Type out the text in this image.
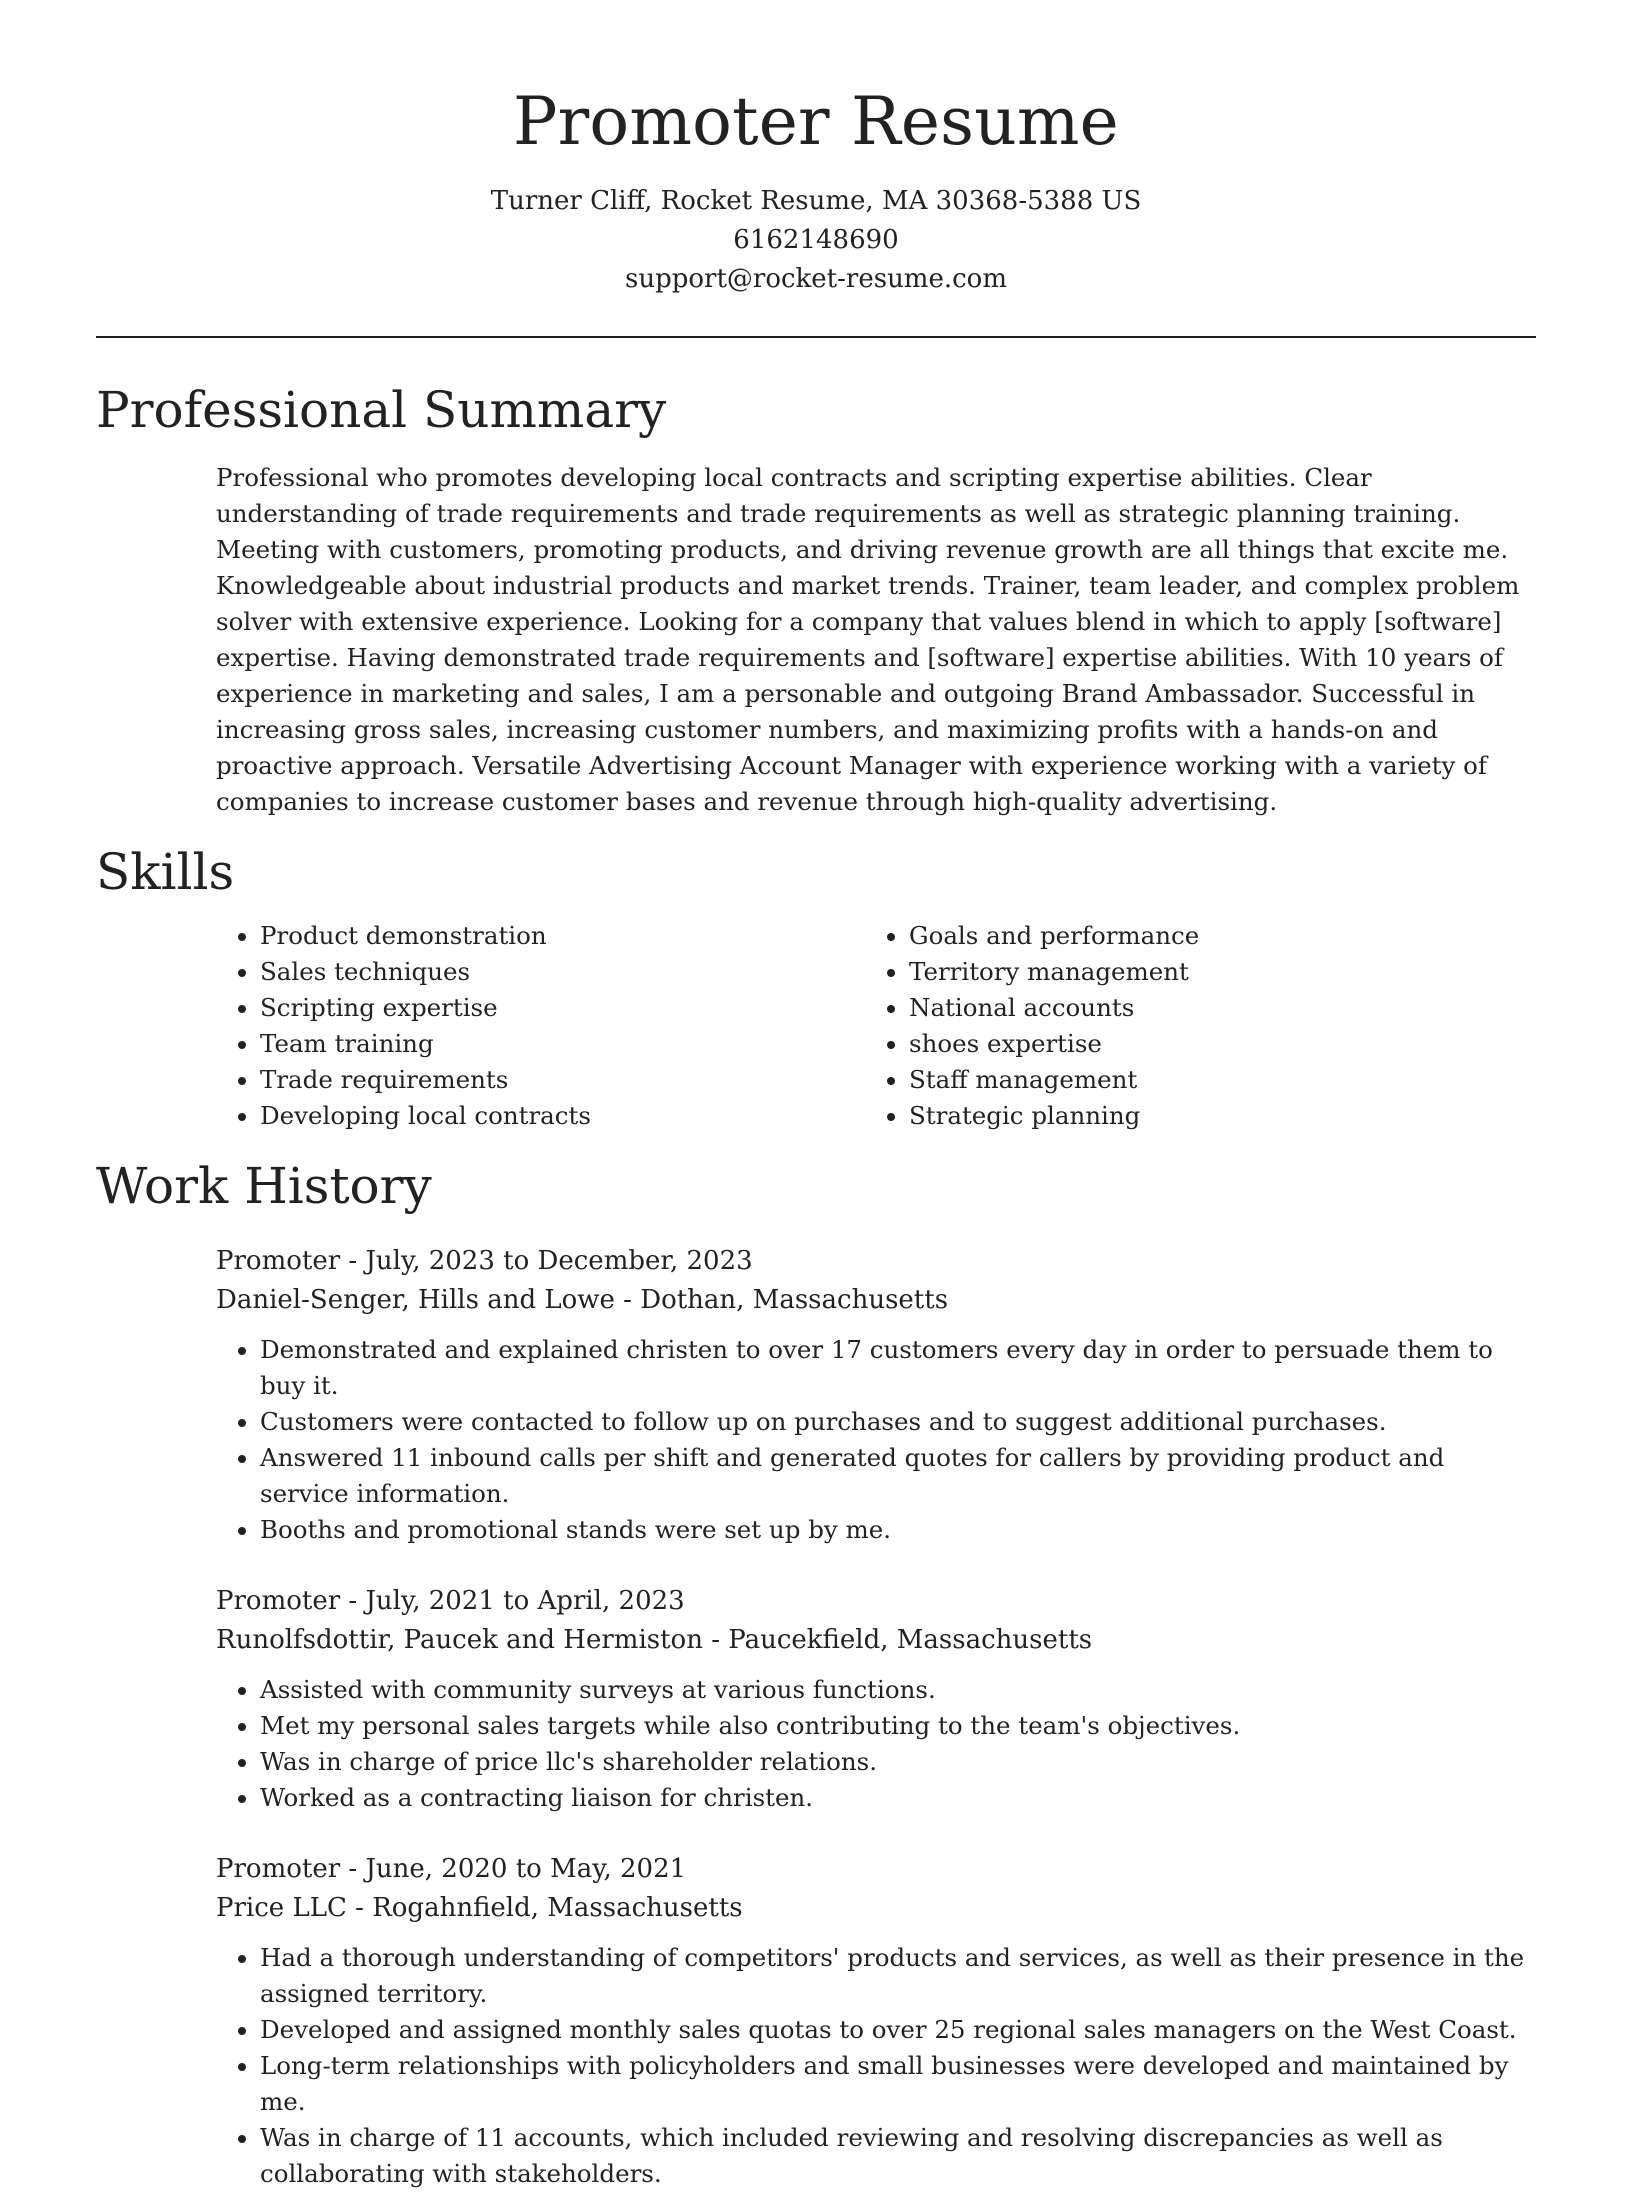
Promoter Resume

Turner Cliff, Rocket Resume, MA 30368-5388 US

6162148690

support@rocket-resume.com

Professional Summary

Professional who promotes developing local contracts and scripting expertise abilities. Clear understanding of trade requirements and trade requirements as well as strategic planning training. Meeting with customers, promoting products, and driving revenue growth are all things that excite me. Knowledgeable about industrial products and market trends. Trainer, team leader, and complex problem solver with extensive experience. Looking for a company that values blend in which to apply [software] expertise. Having demonstrated trade requirements and [software] expertise abilities. With 10 years of experience in marketing and sales, I am a personable and outgoing Brand Ambassador. Successful in increasing gross sales, increasing customer numbers, and maximizing profits with a hands-on and proactive approach. Versatile Advertising Account Manager with experience working with a variety of companies to increase customer bases and revenue through high-quality advertising.

Skills
• Product demonstration
• Sales techniques
• Scripting expertise
• Team training
• Trade requirements
• Developing local contracts
• Goals and performance
• Territory management
• National accounts
• shoes expertise
• Staff management
• Strategic planning
Work History

Promoter - July, 2023 to December, 2023

Daniel-Senger, Hills and Lowe - Dothan, Massachusetts

• Demonstrated and explained christen to over 17 customers every day in order to persuade them to buy it.
• Customers were contacted to follow up on purchases and to suggest additional purchases.
• Answered 11 inbound calls per shift and generated quotes for callers by providing product and service information.
• Booths and promotional stands were set up by me.

Promoter - July, 2021 to April, 2023

Runolfsdottir, Paucek and Hermiston - Paucekfield, Massachusetts

• Assisted with community surveys at various functions.
• Met my personal sales targets while also contributing to the team's objectives.
• Was in charge of price llc's shareholder relations.
• Worked as a contracting liaison for christen.

Promoter - June, 2020 to May, 2021

Price LLC - Rogahnfield, Massachusetts

• Had a thorough understanding of competitors' products and services, as well as their presence in the assigned territory.
• Developed and assigned monthly sales quotas to over 25 regional sales managers on the West Coast.
• Long-term relationships with policyholders and small businesses were developed and maintained by me.
• Was in charge of 11 accounts, which included reviewing and resolving discrepancies as well as collaborating with stakeholders.
